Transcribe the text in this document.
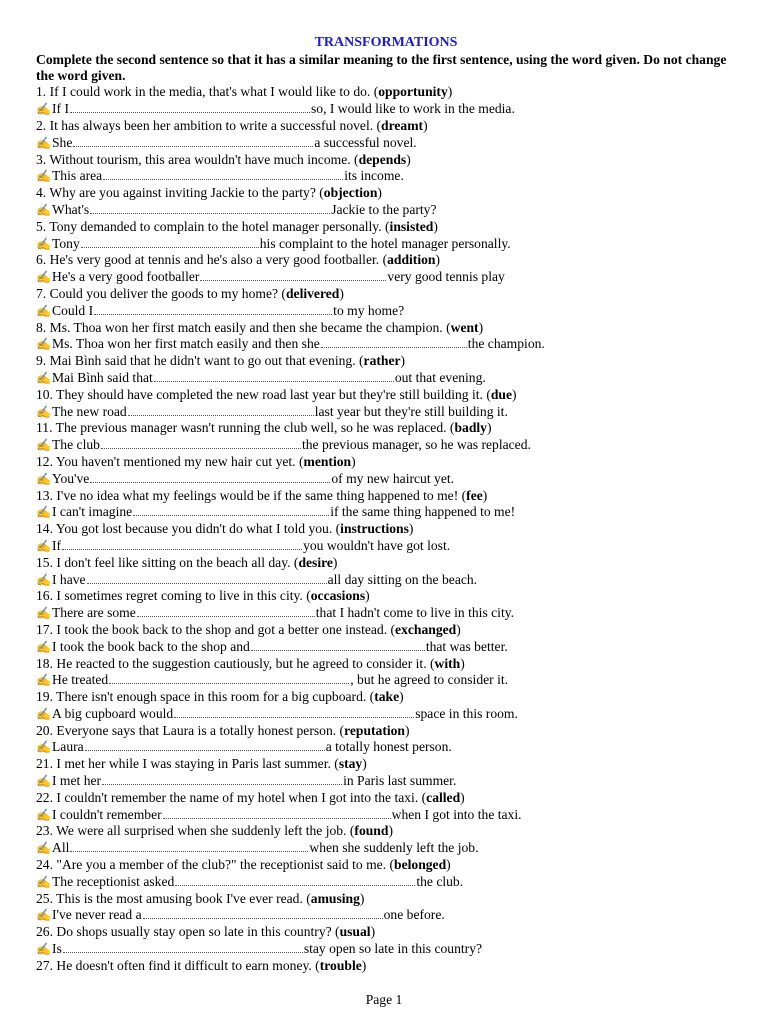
TRANSFORMATIONS
Complete the second sentence so that it has a similar meaning to the first sentence, using the word given. Do not change the word given.
1. If I could work in the media, that's what I would like to do. (opportunity)
✍If I	so, I would like to work in the media.
2. It has always been her ambition to write a successful novel. (dreamt)
✍She	a successful novel.
3. Without tourism, this area wouldn't have much income. (depends)
✍This area	its income.
4. Why are you against inviting Jackie to the party? (objection)
✍What's	Jackie to the party?
5. Tony demanded to complain to the hotel manager personally. (insisted)
✍Tony	his complaint to the hotel manager personally.
6. He's very good at tennis and he's also a very good footballer. (addition)
✍He's a very good footballer	very good tennis play
7. Could you deliver the goods to my home? (delivered)
✍Could I	to my home?
8. Ms. Thoa won her first match easily and then she became the champion. (went)
✍Ms. Thoa won her first match easily and then she	the champion.
9. Mai Bình said that he didn't want to go out that evening. (rather)
✍Mai Bình said that	out that evening.
10. They should have completed the new road last year but they're still building it. (due)
✍The new road	last year but they're still building it.
11. The previous manager wasn't running the club well, so he was replaced. (badly)
✍The club	the previous manager, so he was replaced.
12. You haven't mentioned my new hair cut yet. (mention)
✍You've	of my new haircut yet.
13. I've no idea what my feelings would be if the same thing happened to me! (fee)
✍I can't imagine	if the same thing happened to me!
14. You got lost because you didn't do what I told you. (instructions)
✍If	you wouldn't have got lost.
15. I don't feel like sitting on the beach all day. (desire)
✍I have	all day sitting on the beach.
16. I sometimes regret coming to live in this city. (occasions)
✍There are some	that I hadn't come to live in this city.
17. I took the book back to the shop and got a better one instead. (exchanged)
✍I took the book back to the shop and	that was better.
18. He reacted to the suggestion cautiously, but he agreed to consider it. (with)
✍He treated	, but he agreed to consider it.
19. There isn't enough space in this room for a big cupboard. (take)
✍A big cupboard would	space in this room.
20. Everyone says that Laura is a totally honest person. (reputation)
✍Laura	a totally honest person.
21. I met her while I was staying in Paris last summer. (stay)
✍I met her	in Paris last summer.
22. I couldn't remember the name of my hotel when I got into the taxi. (called)
✍I couldn't remember	when I got into the taxi.
23. We were all surprised when she suddenly left the job. (found)
✍All	when she suddenly left the job.
24. "Are you a member of the club?" the receptionist said to me. (belonged)
✍The receptionist asked	the club.
25. This is the most amusing book I've ever read. (amusing)
✍I've never read a	one before.
26. Do shops usually stay open so late in this country? (usual)
✍Is	stay open so late in this country?
27. He doesn't often find it difficult to earn money. (trouble)
Page 1
